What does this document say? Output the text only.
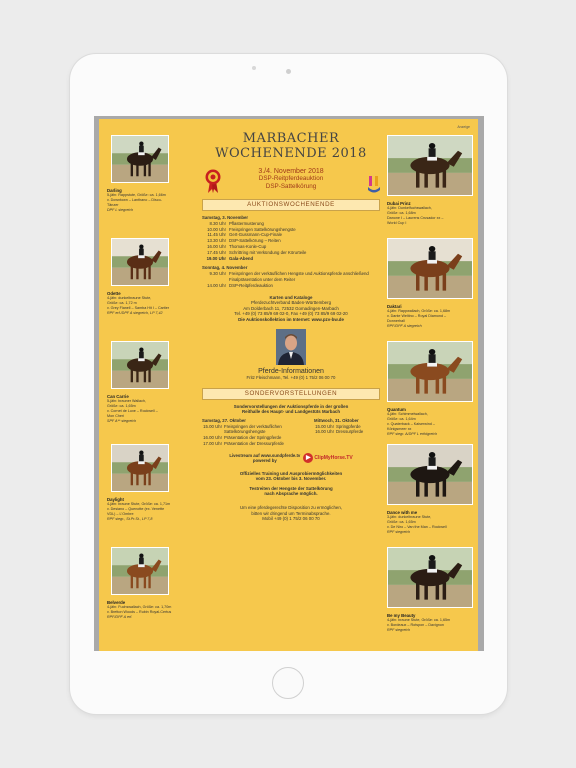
Anzeige
Darling
5-jähr. Rappstute, Größe: ca. 1,66m
v. Downtown – Lanthano – Disco-Tänzer
DPF L siegreich
Odette
4-jähr. dunkelbraune Stute,
Größe: ca. 1,72 m
v. Grey Flanell – Samba Hit I – Cartier
RPF erf./DPF A siegreich, LP 7,42
Can Carrie
5-jähr. brauner Wallach,
Größe: ca. 1,65m
v. Cornet de Luxe – Rockwell –
Mon Cheri
SPF A** siegreich
Daylight
4-jähr. braune Stute, Größe: ca. 1,71m
v. Desiano – Quenotte (ex. Venette
VDL) – L'Ombre
RPF siegr., St.Pr.St., LP 7,8
Belverde
4-jähr. Fuchswallach, Größe: ca. 1,70m
v. Bretton Woods – Rubin Royal-Certus
RPF/DPF A erf.
Dubai Prinz
4-jähr. Dunkelfuchswallach,
Größe: ca. 1,68m
Danone I – Laurens Crusador xx –
World Cup I
Daktari
4-jähr. Rappwallach, Größe: ca. 1,68m
v. Dante Weltino – Royal Diamond –
Donnerhall
RPF/DPF A siegreich
Quantum
4-jähr. Schimmelwallach,
Größe: ca. 1,64m
v. Quaterback – Kaiserwind –
Königsmeer xx
RPF siegr. A/DPF L erfolgreich
Dance with me
3-jähr. dunkelbraune Stute,
Größe: ca. 1,65m
v. De Niro – Van the Man – Rockwell
RPF siegreich
Be my Beauty
4-jähr. braune Stute, Größe: ca. 1,65m
v. Bordeaux – Rotspon – Davignon
RPF siegreich
MARBACHER
WOCHENENDE 2018
3./4. November 2018
DSP-Reitpferdeauktion
DSP-Sattelkörung
AUKTIONSWOCHENENDE
Samstag, 3. November
8.30 Uhr Pflastermusterung
10.00 Uhr Freispringen Sattelkörungshengste
11.45 Uhr Gert-Gussmann-Cup-Finale
13.30 Uhr DSP-Sattelkörung – Reiten
16.00 Uhr Thomas-Konle-Cup
17.45 Uhr Schrittring mit Verkündung der Körurteile
19.00 Uhr Gala-Abend
Sonntag, 4. November
9.30 Uhr Freispringen der verkäuflichen Hengste und Auktionspferde anschließend Finalpräsentation unter dem Reiter
14.00 Uhr DSP-Reitpferdeauktion
Karten und Kataloge
Pferdezuchtverband Baden-Württemberg
Am Dolderbach 11, 72532 Gomadingen-Marbach
Tel. +49 (0) 73 85/9 69 02-0, Fax +49 (0) 73 85/9 69 02-20
Die Auktionskollektion im Internet: www.pzv-bw.de
Pferde-Informationen
Fritz Fleischmann, Tel. +49 (0) 1 75/2 06 00 70
SONDERVORSTELLUNGEN
Sondervorstellungen der Auktionspferde in der großen
Reithalle des Haupt- und Landgestüts Marbach
Samstag, 27. Oktober
15.00 Uhr Freispringen der verkäuflichen Sattelkörungshengste
16.00 Uhr Präsentation der Springpferde
17.00 Uhr Präsentation der Dressurpferde
Mittwoch, 31. Oktober
15.00 Uhr Springpferde
16.00 Uhr Dressurpferde
Livestream auf www.sundpferde.tv
powered by	▶ ClipMyHorse.TV
Offizielles Training und Ausprobiermöglichkeiten
vom 23. Oktober bis 3. November.
Testreiten der Hengste der Sattelkörung
nach Absprache möglich.
Um eine pferdegerechte Disposition zu ermöglichen,
bitten wir dringend um Terminabsprache.
Mobil +49 (0) 1 75/2 06 00 70
